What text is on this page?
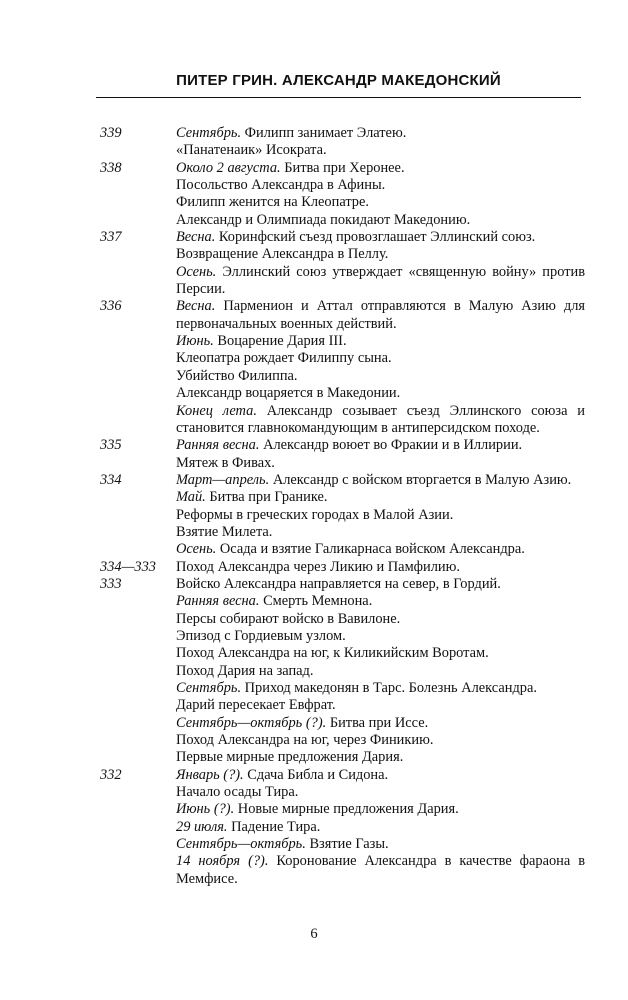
ПИТЕР ГРИН. АЛЕКСАНДР МАКЕДОНСКИЙ
339	Сентябрь. Филипп занимает Элатею.
«Панатенаик» Исократа.
338	Около 2 августа. Битва при Херонее.
Посольство Александра в Афины.
Филипп женится на Клеопатре.
Александр и Олимпиада покидают Македонию.
337	Весна. Коринфский съезд провозглашает Эллинский союз.
Возвращение Александра в Пеллу.
Осень. Эллинский союз утверждает «священную войну» против Персии.
336	Весна. Парменион и Аттал отправляются в Малую Азию для первоначальных военных действий.
Июнь. Воцарение Дария III.
Клеопатра рождает Филиппу сына.
Убийство Филиппа.
Александр воцаряется в Македонии.
Конец лета. Александр созывает съезд Эллинского союза и становится главнокомандующим в антиперсидском походе.
335	Ранняя весна. Александр воюет во Фракии и в Иллирии.
Мятеж в Фивах.
334	Март—апрель. Александр с войском вторгается в Малую Азию.
Май. Битва при Гранике.
Реформы в греческих городах в Малой Азии.
Взятие Милета.
Осень. Осада и взятие Галикарнаса войском Александра.
334—333	Поход Александра через Ликию и Памфилию.
333	Войско Александра направляется на север, в Гордий.
Ранняя весна. Смерть Мемнона.
Персы собирают войско в Вавилоне.
Эпизод с Гордиевым узлом.
Поход Александра на юг, к Киликийским Воротам.
Поход Дария на запад.
Сентябрь. Приход македонян в Тарс. Болезнь Александра.
Дарий пересекает Евфрат.
Сентябрь—октябрь (?). Битва при Иссе.
Поход Александра на юг, через Финикию.
Первые мирные предложения Дария.
332	Январь (?). Сдача Библа и Сидона.
Начало осады Тира.
Июнь (?). Новые мирные предложения Дария.
29 июля. Падение Тира.
Сентябрь—октябрь. Взятие Газы.
14 ноября (?). Коронование Александра в качестве фараона в Мемфисе.
6
